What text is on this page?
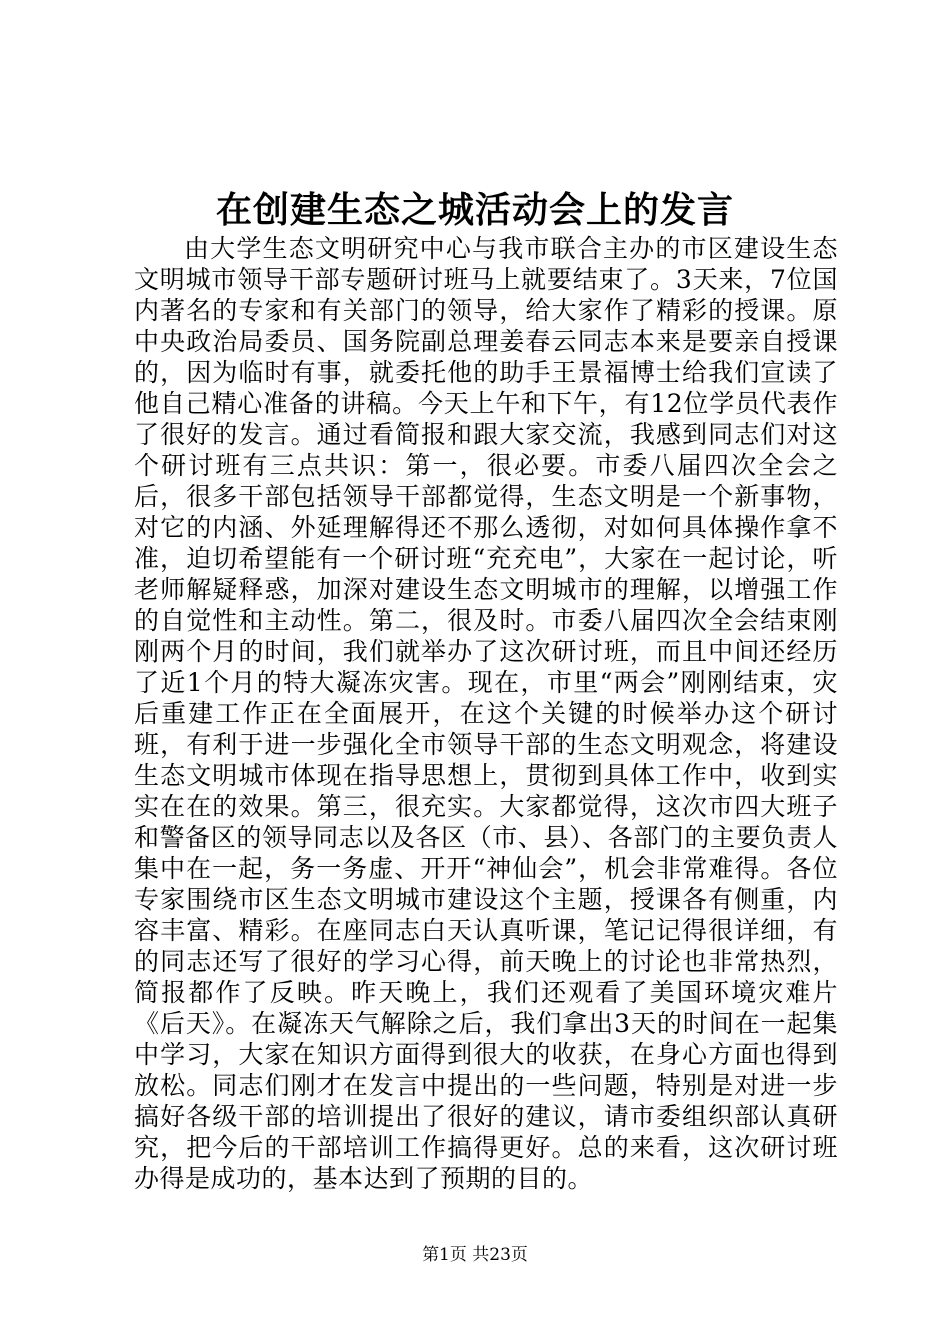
在创建生态之城活动会上的发言

由大学生态文明研究中心与我市联合主办的市区建设生态文明城市领导干部专题研讨班马上就要结束了。3天来，7位国内著名的专家和有关部门的领导，给大家作了精彩的授课。原中央政治局委员、国务院副总理姜春云同志本来是要亲自授课的，因为临时有事，就委托他的助手王景福博士给我们宣读了他自己精心准备的讲稿。今天上午和下午，有12位学员代表作了很好的发言。通过看简报和跟大家交流，我感到同志们对这个研讨班有三点共识：第一，很必要。市委八届四次全会之后，很多干部包括领导干部都觉得，生态文明是一个新事物，对它的内涵、外延理解得还不那么透彻，对如何具体操作拿不准，迫切希望能有一个研讨班“充充电”，大家在一起讨论，听老师解疑释惑，加深对建设生态文明城市的理解，以增强工作的自觉性和主动性。第二，很及时。市委八届四次全会结束刚刚两个月的时间，我们就举办了这次研讨班，而且中间还经历了近1个月的特大凝冻灾害。现在，市里“两会”刚刚结束，灾后重建工作正在全面展开，在这个关键的时候举办这个研讨班，有利于进一步强化全市领导干部的生态文明观念，将建设生态文明城市体现在指导思想上，贯彻到具体工作中，收到实实在在的效果。第三，很充实。大家都觉得，这次市四大班子和警备区的领导同志以及各区（市、县）、各部门的主要负责人集中在一起，务一务虚、开开“神仙会”，机会非常难得。各位专家围绕市区生态文明城市建设这个主题，授课各有侧重，内容丰富、精彩。在座同志白天认真听课，笔记记得很详细，有的同志还写了很好的学习心得，前天晚上的讨论也非常热烈，简报都作了反映。昨天晚上，我们还观看了美国环境灾难片《后天》。在凝冻天气解除之后，我们拿出3天的时间在一起集中学习，大家在知识方面得到很大的收获，在身心方面也得到放松。同志们刚才在发言中提出的一些问题，特别是对进一步搞好各级干部的培训提出了很好的建议，请市委组织部认真研究，把今后的干部培训工作搞得更好。总的来看，这次研讨班办得是成功的，基本达到了预期的目的。

第1页 共23页
